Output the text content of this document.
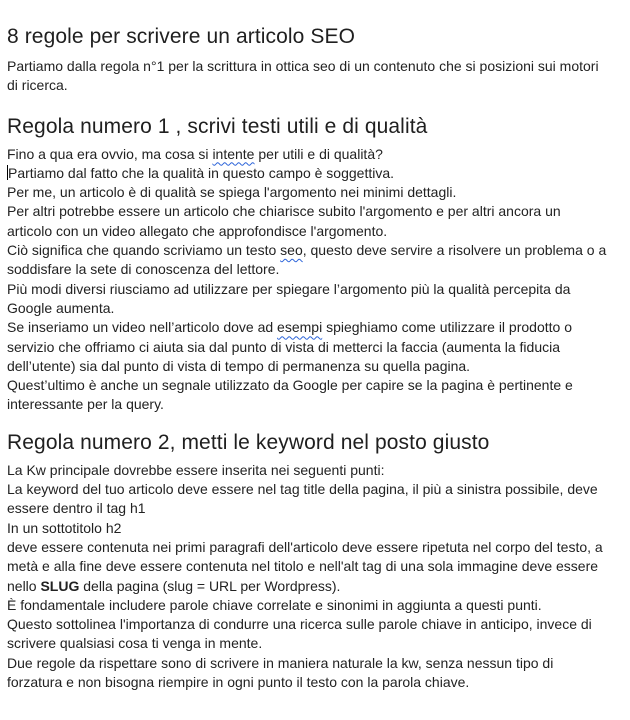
8 regole per scrivere un articolo SEO

Partiamo dalla regola n°1 per la scrittura in ottica seo di un contenuto che si posizioni sui motori di ricerca.

Regola numero 1 , scrivi testi utili e di qualità

Fino a qua era ovvio, ma cosa si intente per utili e di qualità?

Partiamo dal fatto che la qualità in questo campo è soggettiva.

Per me, un articolo è di qualità se spiega l'argomento nei minimi dettagli.

Per altri potrebbe essere un articolo che chiarisce subito l'argomento e per altri ancora un articolo con un video allegato che approfondisce l'argomento.

Ciò significa che quando scriviamo un testo seo, questo deve servire a risolvere un problema o a soddisfare la sete di conoscenza del lettore.

Più modi diversi riusciamo ad utilizzare per spiegare l’argomento più la qualità percepita da Google aumenta.

Se inseriamo un video nell’articolo dove ad esempi spieghiamo come utilizzare il prodotto o servizio che offriamo ci aiuta sia dal punto di vista di metterci la faccia (aumenta la fiducia dell’utente) sia dal punto di vista di tempo di permanenza su quella pagina.

Quest’ultimo è anche un segnale utilizzato da Google per capire se la pagina è pertinente e interessante per la query.

Regola numero 2, metti le keyword nel posto giusto

La Kw principale dovrebbe essere inserita nei seguenti punti:

La keyword del tuo articolo deve essere nel tag title della pagina, il più a sinistra possibile, deve essere dentro il tag h1

In un sottotitolo h2

deve essere contenuta nei primi paragrafi dell'articolo deve essere ripetuta nel corpo del testo, a metà e alla fine deve essere contenuta nel titolo e nell'alt tag di una sola immagine deve essere nello SLUG della pagina (slug = URL per Wordpress).

È fondamentale includere parole chiave correlate e sinonimi in aggiunta a questi punti.

Questo sottolinea l'importanza di condurre una ricerca sulle parole chiave in anticipo, invece di scrivere qualsiasi cosa ti venga in mente.

Due regole da rispettare sono di scrivere in maniera naturale la kw, senza nessun tipo di forzatura e non bisogna riempire in ogni punto il testo con la parola chiave.
